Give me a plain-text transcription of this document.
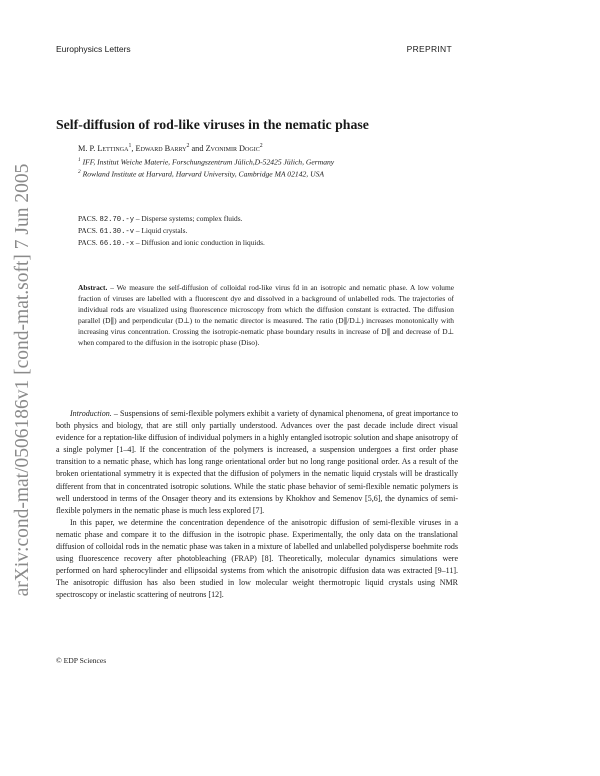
arXiv:cond-mat/0506186v1 [cond-mat.soft] 7 Jun 2005
Europhysics Letters	PREPRINT
Self-diffusion of rod-like viruses in the nematic phase
M. P. Lettinga$^1$, Edward Barry$^2$ and Zvonimir Dogic$^2$
$^1$ IFF, Institut Weiche Materie, Forschungszentrum Jülich,D-52425 Jülich, Germany
$^2$ Rowland Institute at Harvard, Harvard University, Cambridge MA 02142, USA
PACS. 82.70.-y – Disperse systems; complex fluids.
PACS. 61.30.-v – Liquid crystals.
PACS. 66.10.-x – Diffusion and ionic conduction in liquids.
Abstract. – We measure the self-diffusion of colloidal rod-like virus fd in an isotropic and nematic phase. A low volume fraction of viruses are labelled with a fluorescent dye and dissolved in a background of unlabelled rods. The trajectories of individual rods are visualized using fluorescence microscopy from which the diffusion constant is extracted. The diffusion parallel (D∥) and perpendicular (D⊥) to the nematic director is measured. The ratio (D∥/D⊥) increases monotonically with increasing virus concentration. Crossing the isotropic-nematic phase boundary results in increase of D∥ and decrease of D⊥ when compared to the diffusion in the isotropic phase (Diso).

Introduction. – Suspensions of semi-flexible polymers exhibit a variety of dynamical phenomena, of great importance to both physics and biology, that are still only partially understood. Advances over the past decade include direct visual evidence for a reptation-like diffusion of individual polymers in a highly entangled isotropic solution and shape anisotropy of a single polymer [1–4]. If the concentration of the polymers is increased, a suspension undergoes a first order phase transition to a nematic phase, which has long range orientational order but no long range positional order. As a result of the broken orientational symmetry it is expected that the diffusion of polymers in the nematic liquid crystals will be drastically different from that in concentrated isotropic solutions. While the static phase behavior of semi-flexible nematic polymers is well understood in terms of the Onsager theory and its extensions by Khokhov and Semenov [5,6], the dynamics of semi-flexible polymers in the nematic phase is much less explored [7].

In this paper, we determine the concentration dependence of the anisotropic diffusion of semi-flexible viruses in a nematic phase and compare it to the diffusion in the isotropic phase. Experimentally, the only data on the translational diffusion of colloidal rods in the nematic phase was taken in a mixture of labelled and unlabelled polydisperse boehmite rods using fluorescence recovery after photobleaching (FRAP) [8]. Theoretically, molecular dynamics simulations were performed on hard spherocylinder and ellipsoidal systems from which the anisotropic diffusion data was extracted [9–11]. The anisotropic diffusion has also been studied in low molecular weight thermotropic liquid crystals using NMR spectroscopy or inelastic scattering of neutrons [12].

© EDP Sciences
